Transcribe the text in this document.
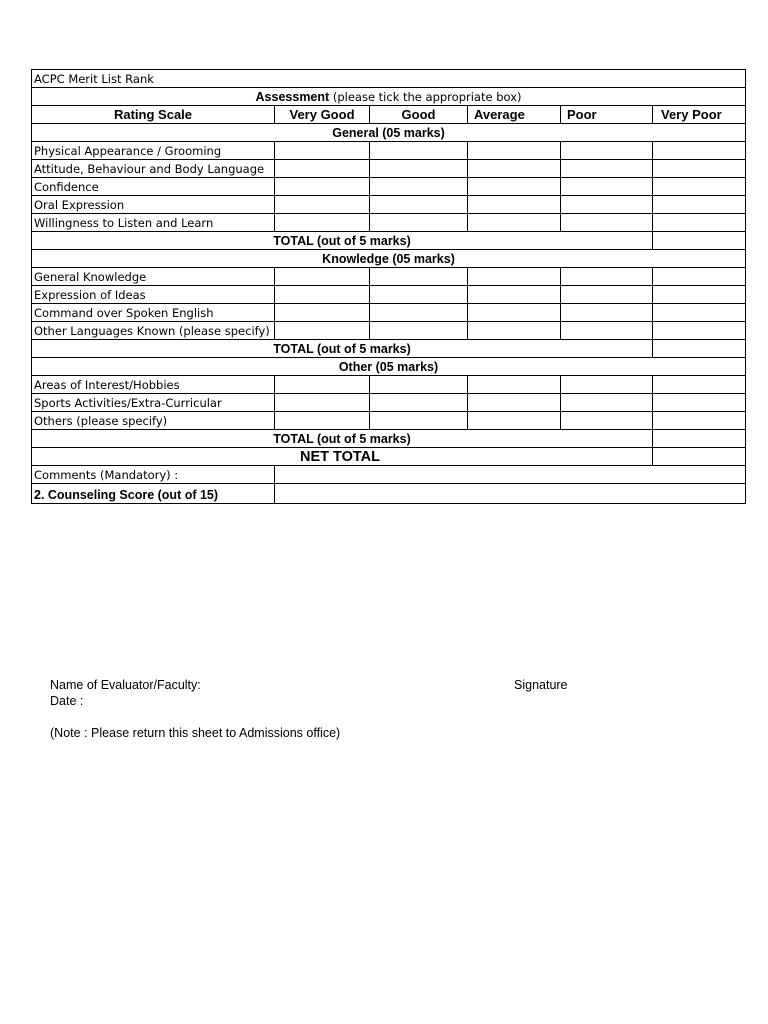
ACPC Merit List Rank					
Assessment (please tick the appropriate box)					
Rating Scale	Very Good	Good	Average	Poor	Very Poor
General (05 marks)					
Physical Appearance / Grooming					
Attitude, Behaviour and Body Language					
Confidence					
Oral Expression					
Willingness to Listen and Learn					
TOTAL (out of 5 marks)					
Knowledge (05 marks)					
General Knowledge					
Expression of Ideas					
Command over Spoken English					
Other Languages Known (please specify)					
TOTAL (out of 5 marks)					
Other (05 marks)					
Areas of Interest/Hobbies					
Sports Activities/Extra-Curricular					
Others (please specify)					
TOTAL (out of 5 marks)					
NET TOTAL					
Comments (Mandatory) :					
2. Counseling Score (out of 15)					
Name of Evaluator/Faculty:	Signature
Date :
(Note : Please return this sheet to Admissions office)
